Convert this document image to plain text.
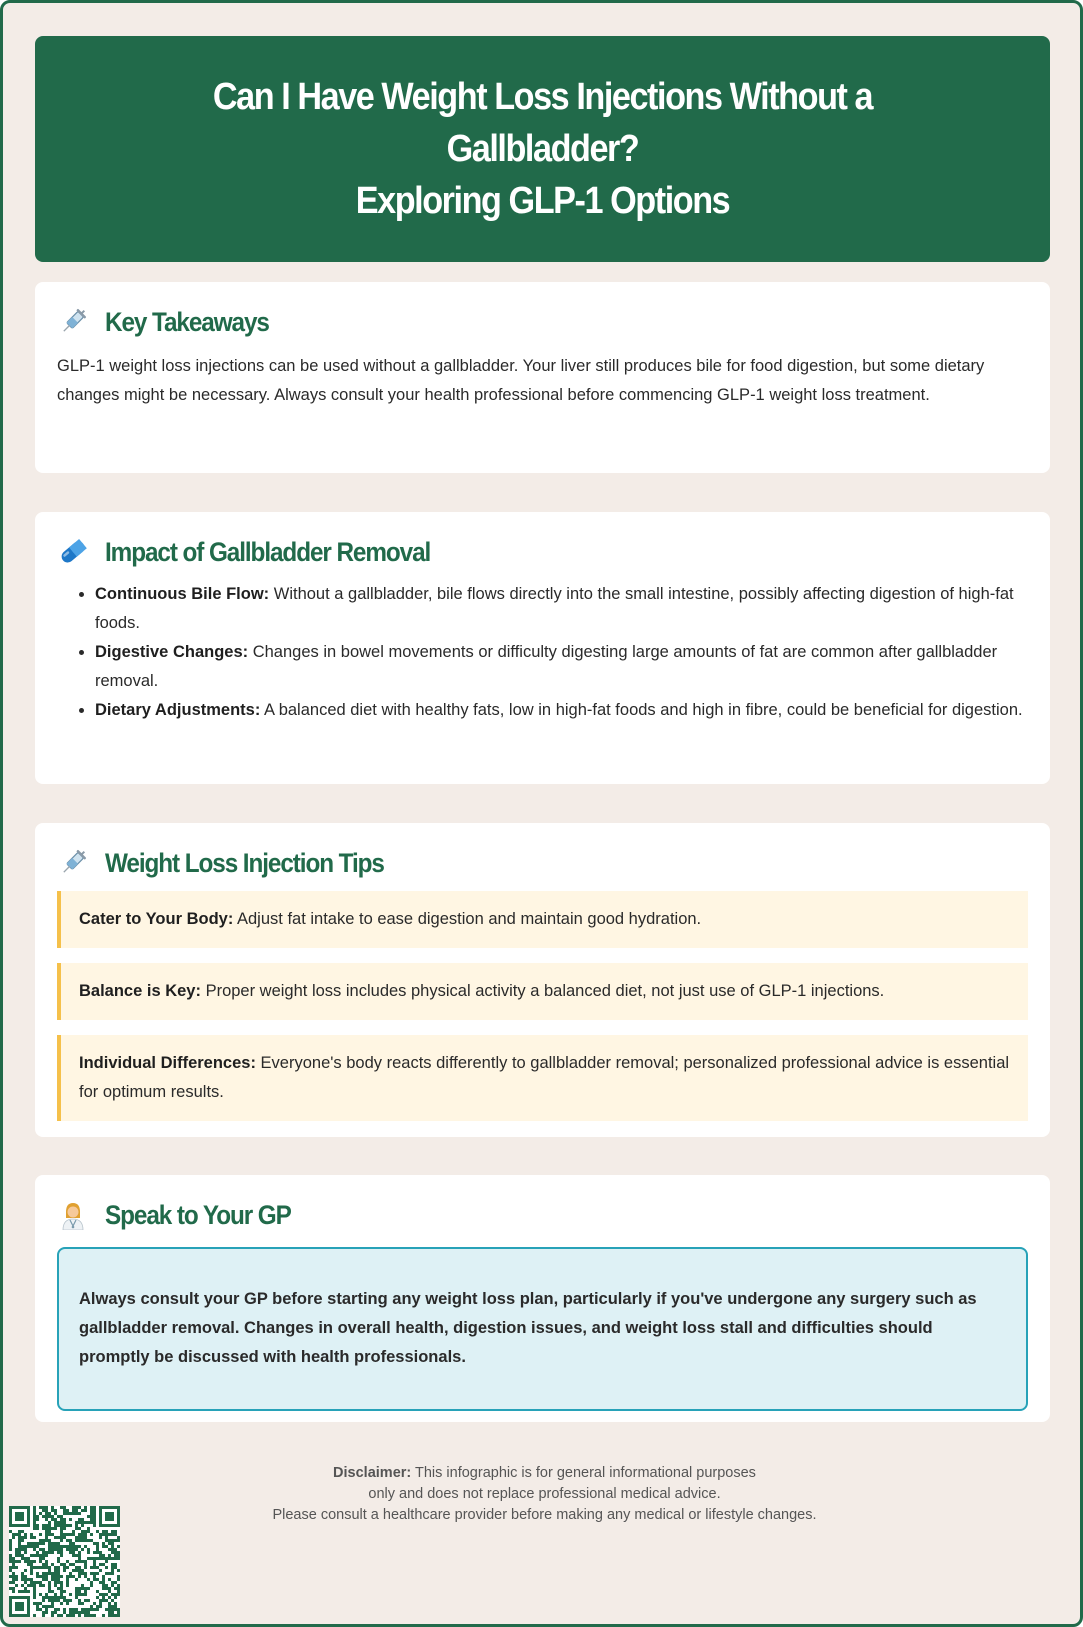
Can I Have Weight Loss Injections Without a Gallbladder?
Exploring GLP-1 Options
Key Takeaways

GLP-1 weight loss injections can be used without a gallbladder. Your liver still produces bile for food digestion, but some dietary changes might be necessary. Always consult your health professional before commencing GLP-1 weight loss treatment.

Impact of Gallbladder Removal
• Continuous Bile Flow: Without a gallbladder, bile flows directly into the small intestine, possibly affecting digestion of high-fat foods.
• Digestive Changes: Changes in bowel movements or difficulty digesting large amounts of fat are common after gallbladder removal.
• Dietary Adjustments: A balanced diet with healthy fats, low in high-fat foods and high in fibre, could be beneficial for digestion.
Weight Loss Injection Tips
Cater to Your Body: Adjust fat intake to ease digestion and maintain good hydration.
Balance is Key: Proper weight loss includes physical activity a balanced diet, not just use of GLP-1 injections.
Individual Differences: Everyone's body reacts differently to gallbladder removal; personalized professional advice is essential for optimum results.
Speak to Your GP
Always consult your GP before starting any weight loss plan, particularly if you've undergone any surgery such as gallbladder removal. Changes in overall health, digestion issues, and weight loss stall and difficulties should promptly be discussed with health professionals.
Disclaimer: This infographic is for general informational purposes
only and does not replace professional medical advice.
Please consult a healthcare provider before making any medical or lifestyle changes.
